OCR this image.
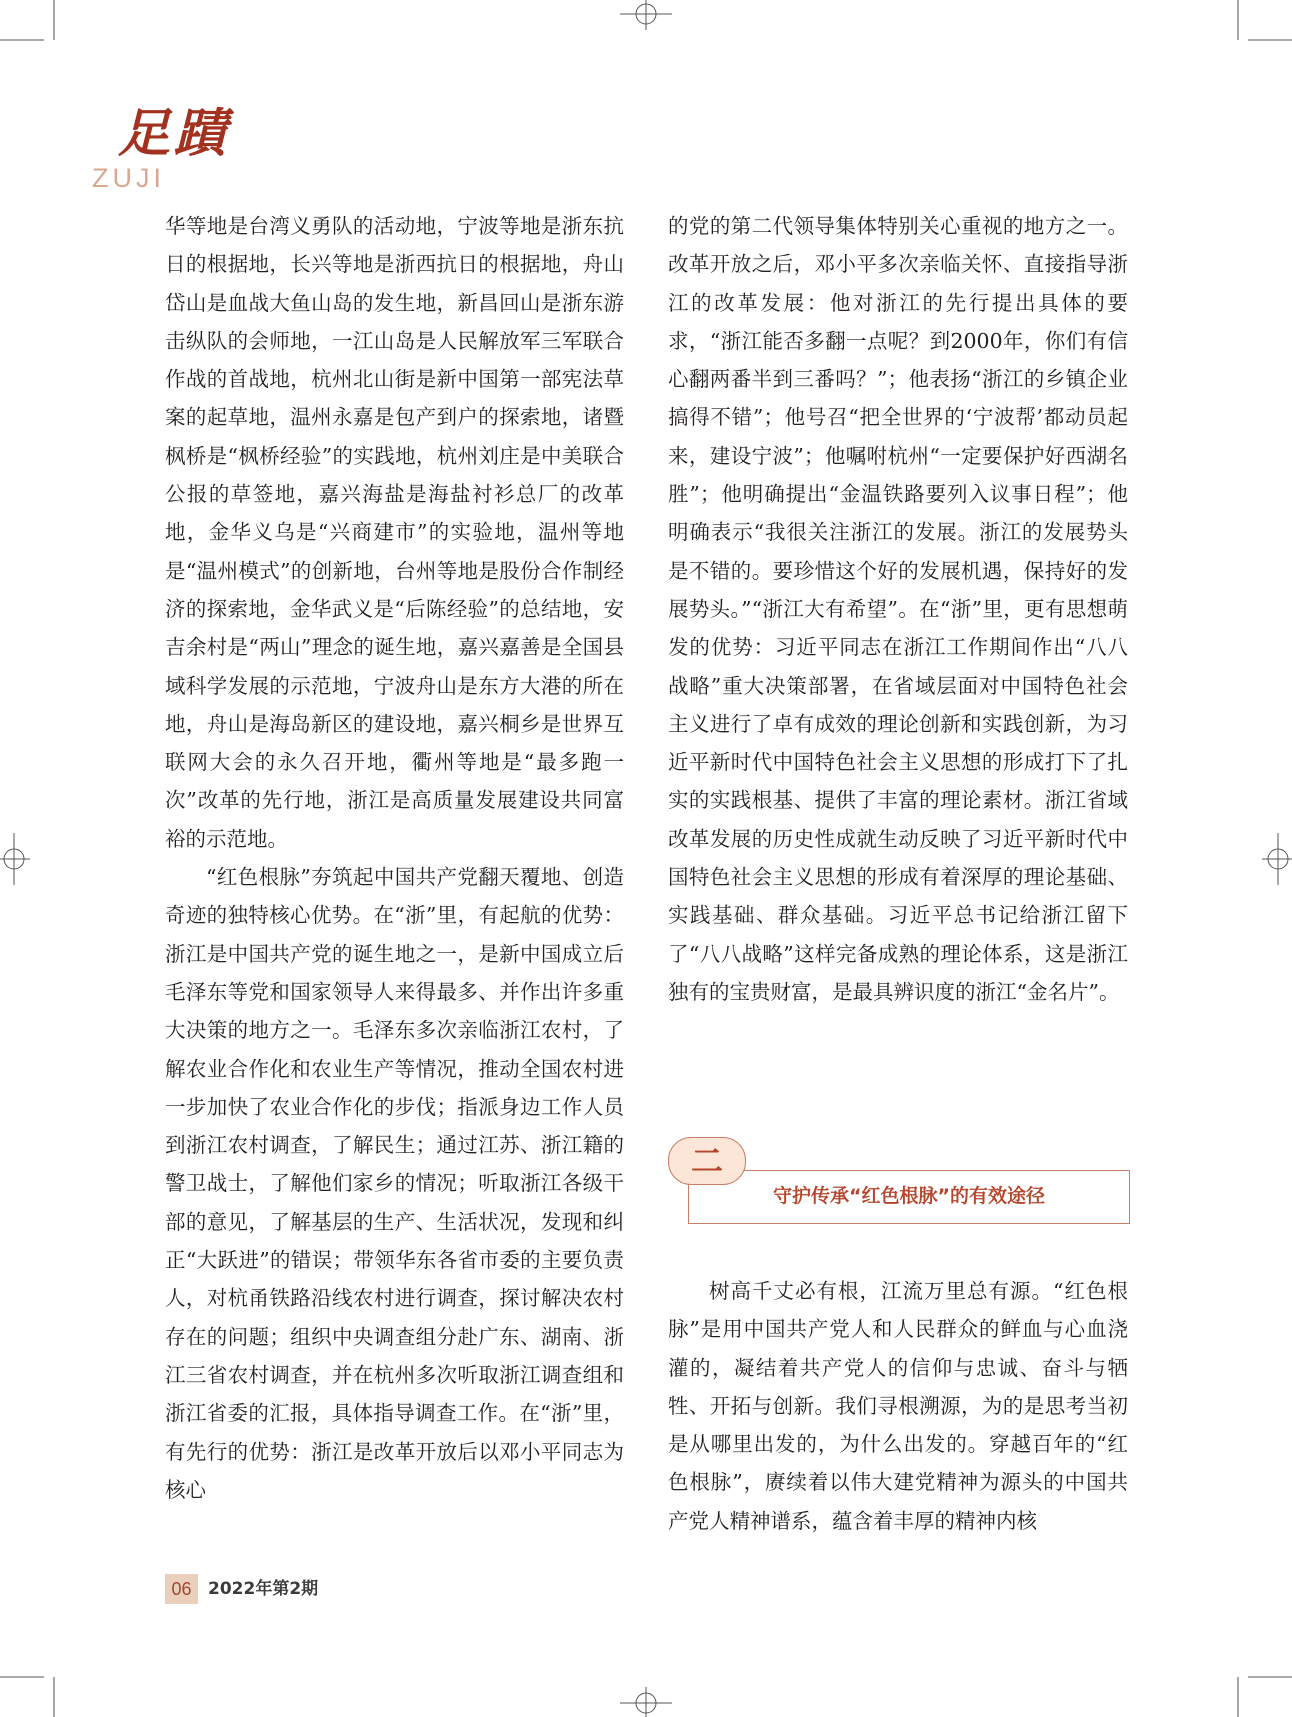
足蹟
ZUJI

华等地是台湾义勇队的活动地，宁波等地是浙东抗日的根据地，长兴等地是浙西抗日的根据地，舟山岱山是血战大鱼山岛的发生地，新昌回山是浙东游击纵队的会师地，一江山岛是人民解放军三军联合作战的首战地，杭州北山街是新中国第一部宪法草案的起草地，温州永嘉是包产到户的探索地，诸暨枫桥是“枫桥经验”的实践地，杭州刘庄是中美联合公报的草签地，嘉兴海盐是海盐衬衫总厂的改革地，金华义乌是“兴商建市”的实验地，温州等地是“温州模式”的创新地，台州等地是股份合作制经济的探索地，金华武义是“后陈经验”的总结地，安吉余村是“两山”理念的诞生地，嘉兴嘉善是全国县域科学发展的示范地，宁波舟山是东方大港的所在地，舟山是海岛新区的建设地，嘉兴桐乡是世界互联网大会的永久召开地，衢州等地是“最多跑一次”改革的先行地，浙江是高质量发展建设共同富裕的示范地。

“红色根脉”夯筑起中国共产党翻天覆地、创造奇迹的独特核心优势。在“浙”里，有起航的优势：浙江是中国共产党的诞生地之一，是新中国成立后毛泽东等党和国家领导人来得最多、并作出许多重大决策的地方之一。毛泽东多次亲临浙江农村，了解农业合作化和农业生产等情况，推动全国农村进一步加快了农业合作化的步伐；指派身边工作人员到浙江农村调查，了解民生；通过江苏、浙江籍的警卫战士，了解他们家乡的情况；听取浙江各级干部的意见，了解基层的生产、生活状况，发现和纠正“大跃进”的错误；带领华东各省市委的主要负责人，对杭甬铁路沿线农村进行调查，探讨解决农村存在的问题；组织中央调查组分赴广东、湖南、浙江三省农村调查，并在杭州多次听取浙江调查组和浙江省委的汇报，具体指导调查工作。在“浙”里，有先行的优势：浙江是改革开放后以邓小平同志为核心

的党的第二代领导集体特别关心重视的地方之一。改革开放之后，邓小平多次亲临关怀、直接指导浙江的改革发展：他对浙江的先行提出具体的要求，“浙江能否多翻一点呢？到2000年，你们有信心翻两番半到三番吗？”；他表扬“浙江的乡镇企业搞得不错”；他号召“把全世界的‘宁波帮’都动员起来，建设宁波”；他嘱咐杭州“一定要保护好西湖名胜”；他明确提出“金温铁路要列入议事日程”；他明确表示“我很关注浙江的发展。浙江的发展势头是不错的。要珍惜这个好的发展机遇，保持好的发展势头。”“浙江大有希望”。在“浙”里，更有思想萌发的优势：习近平同志在浙江工作期间作出“八八战略”重大决策部署，在省域层面对中国特色社会主义进行了卓有成效的理论创新和实践创新，为习近平新时代中国特色社会主义思想的形成打下了扎实的实践根基、提供了丰富的理论素材。浙江省域改革发展的历史性成就生动反映了习近平新时代中国特色社会主义思想的形成有着深厚的理论基础、实践基础、群众基础。习近平总书记给浙江留下了“八八战略”这样完备成熟的理论体系，这是浙江独有的宝贵财富，是最具辨识度的浙江“金名片”。

守护传承“红色根脉”的有效途径
二

树高千丈必有根，江流万里总有源。“红色根脉”是用中国共产党人和人民群众的鲜血与心血浇灌的，凝结着共产党人的信仰与忠诚、奋斗与牺牲、开拓与创新。我们寻根溯源，为的是思考当初是从哪里出发的，为什么出发的。穿越百年的“红色根脉”，赓续着以伟大建党精神为源头的中国共产党人精神谱系，蕴含着丰厚的精神内核

06 2022年第2期
